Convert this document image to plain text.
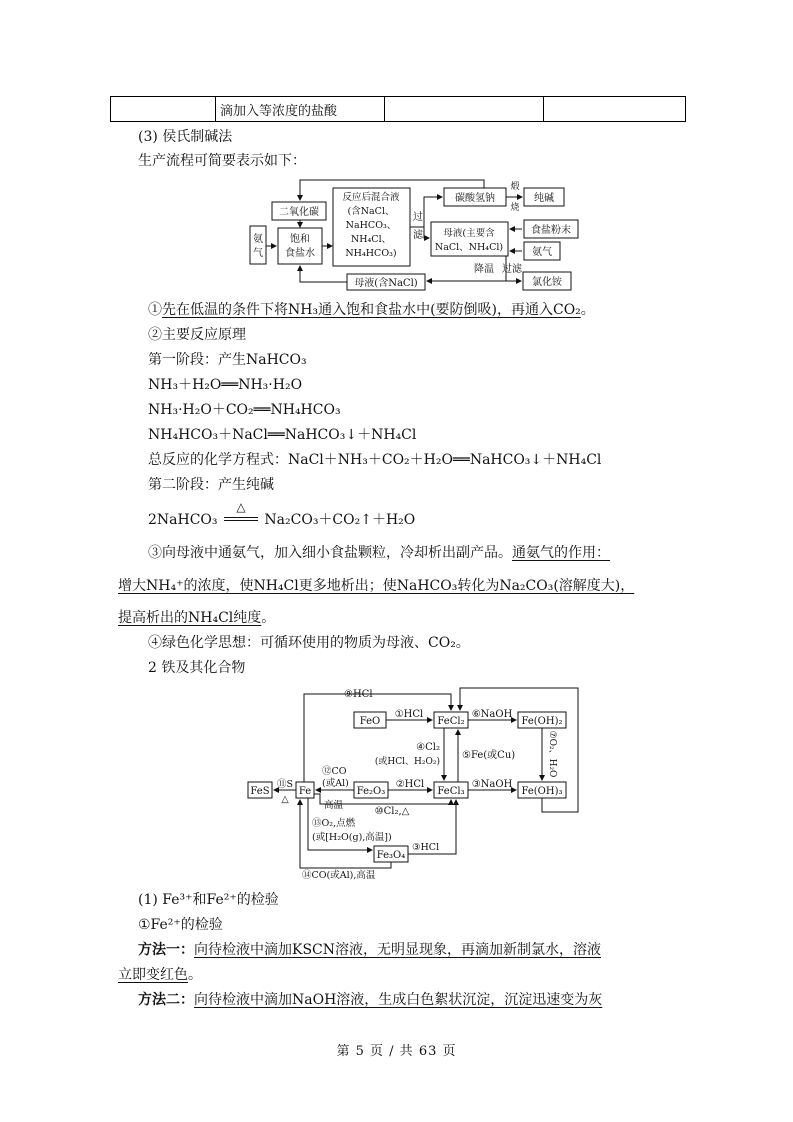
	滴加入等浓度的盐酸		
(3) 侯氏制碱法
生产流程可简要表示如下：
二氧化碳
氨
气
饱和
食盐水
反应后混合液
(含NaCl、
NaHCO₃、
NH₄Cl、
NH₄HCO₃)
过
滤
碳酸氢钠
煅
烧
纯碱
母液(主要含
NaCl、NH₄Cl)
食盐粉末
氨气
降温 过滤
氯化铵
母液(含NaCl)
①先在低温的条件下将NH₃通入饱和食盐水中(要防倒吸)，再通入CO₂。
②主要反应原理
第一阶段：产生NaHCO₃
NH₃＋H₂O══NH₃·H₂O
NH₃·H₂O＋CO₂══NH₄HCO₃
NH₄HCO₃＋NaCl══NaHCO₃↓＋NH₄Cl
总反应的化学方程式：NaCl＋NH₃＋CO₂＋H₂O══NaHCO₃↓＋NH₄Cl
第二阶段：产生纯碱
2NaHCO₃
△
Na₂CO₃＋CO₂↑＋H₂O
③向母液中通氨气，加入细小食盐颗粒，冷却析出副产品。通氨气的作用：
增大NH₄⁺的浓度，使NH₄Cl更多地析出；使NaHCO₃转化为Na₂CO₃(溶解度大)，
提高析出的NH₄Cl纯度。
④绿色化学思想：可循环使用的物质为母液、CO₂。
2 铁及其化合物
⑨HCl
FeO
①HCl
FeCl₂
⑥NaOH
Fe(OH)₂
⑦O₂、H₂O
④Cl₂
(或HCl、H₂O₂)
⑤Fe(或Cu)
⑫CO
(或Al)
高温
FeS
⑪S
△
Fe	Fe₂O₃
②HCl
FeCl₃
③NaOH
Fe(OH)₃
⑩Cl₂,△
⑬O₂,点燃
(或[H₂O(g),高温])
Fe₃O₄
③HCl
⑭CO(或Al),高温
(1) Fe³⁺和Fe²⁺的检验
①Fe²⁺的检验
方法一：向待检液中滴加KSCN溶液，无明显现象，再滴加新制氯水，溶液
立即变红色。
方法二：向待检液中滴加NaOH溶液，生成白色絮状沉淀，沉淀迅速变为灰
第 5 页 / 共 63 页
